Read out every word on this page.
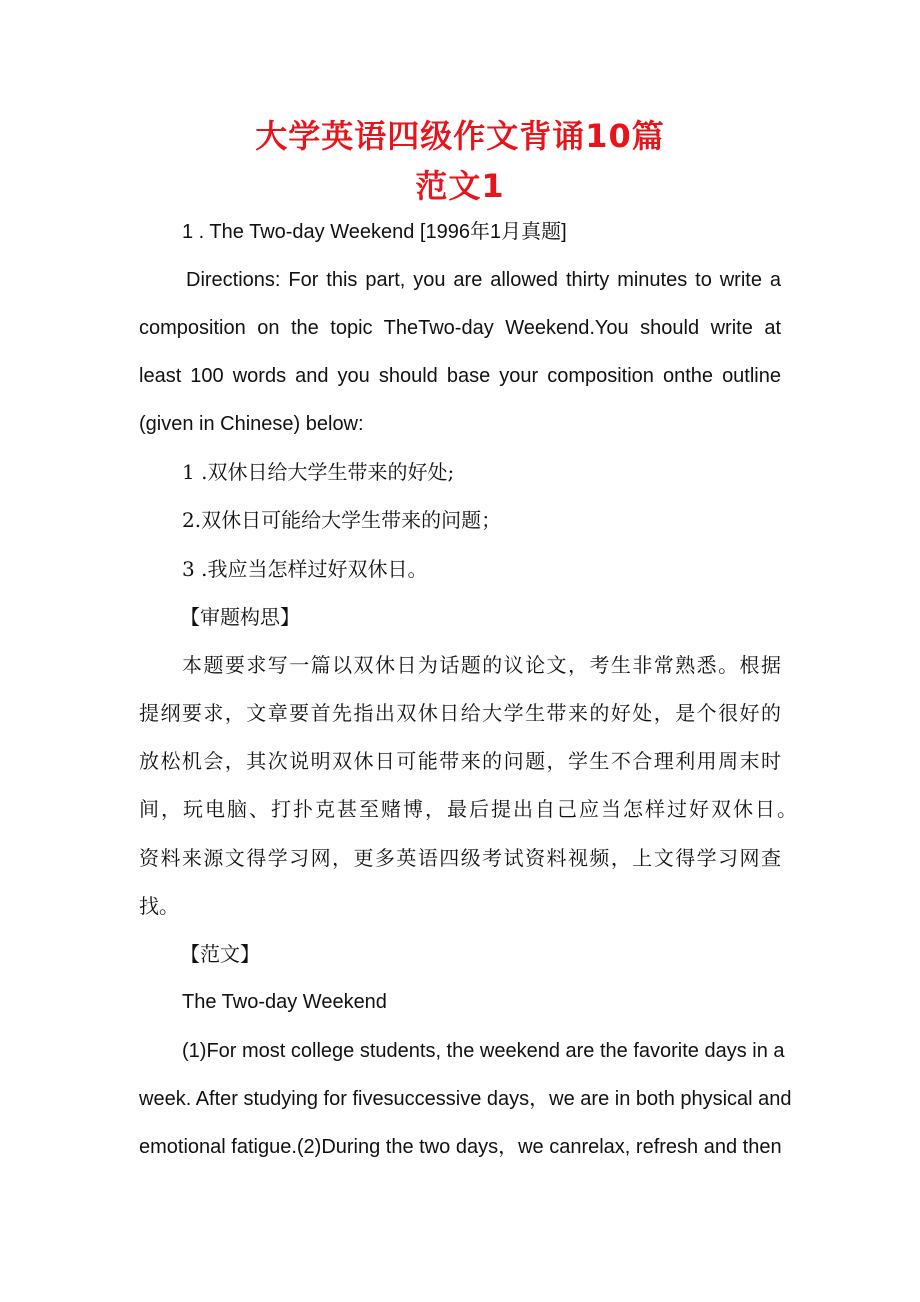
大学英语四级作文背诵10篇
范文1
1 . The Two-day Weekend [1996年1月真题]
Directions: For this part, you are allowed thirty minutes to write a
composition on the topic TheTwo-day Weekend.You should write at
least 100 words and you should base your composition onthe outline
(given in Chinese) below:
1 .双休日给大学生带来的好处;
2.双休日可能给大学生带来的问题；
3 .我应当怎样过好双休日。
【审题构思】
本题要求写一篇以双休日为话题的议论文，考生非常熟悉。根据
提纲要求，文章要首先指出双休日给大学生带来的好处，是个很好的
放松机会，其次说明双休日可能带来的问题，学生不合理利用周末时
间，玩电脑、打扑克甚至赌博，最后提出自己应当怎样过好双休日。
资料来源文得学习网，更多英语四级考试资料视频，上文得学习网查
找。
【范文】
The Two-day Weekend
(1)For most college students, the weekend are the favorite days in a
week. After studying for fivesuccessive days，we are in both physical and
emotional fatigue.(2)During the two days，we canrelax, refresh and then
